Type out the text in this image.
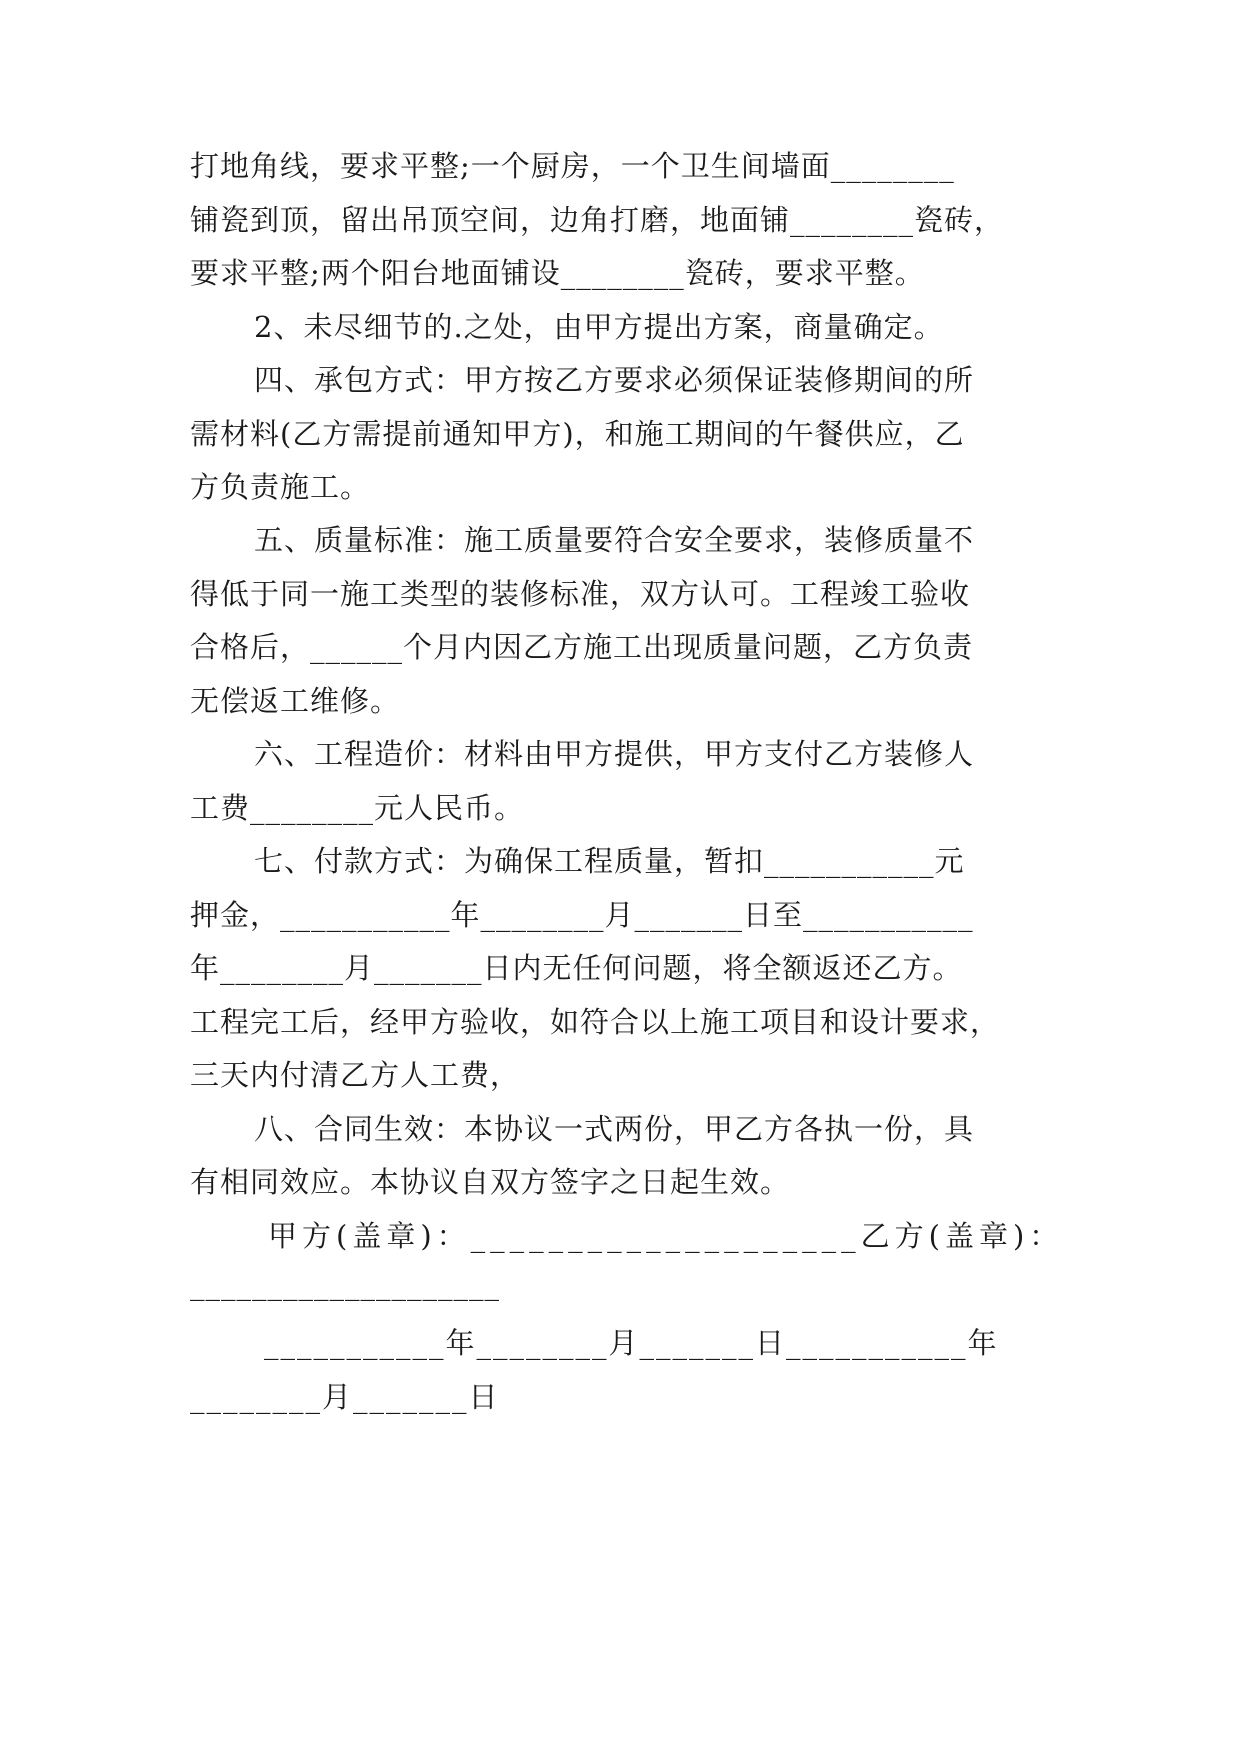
打地角线，要求平整;一个厨房，一个卫生间墙面________
铺瓷到顶，留出吊顶空间，边角打磨，地面铺________瓷砖，
要求平整;两个阳台地面铺设________瓷砖，要求平整。
2、未尽细节的.之处，由甲方提出方案，商量确定。
四、承包方式：甲方按乙方要求必须保证装修期间的所
需材料(乙方需提前通知甲方)，和施工期间的午餐供应，乙
方负责施工。
五、质量标准：施工质量要符合安全要求，装修质量不
得低于同一施工类型的装修标准，双方认可。工程竣工验收
合格后，______个月内因乙方施工出现质量问题，乙方负责
无偿返工维修。
六、工程造价：材料由甲方提供，甲方支付乙方装修人
工费________元人民币。
七、付款方式：为确保工程质量，暂扣___________元
押金，___________年________月_______日至___________
年________月_______日内无任何问题，将全额返还乙方。
工程完工后，经甲方验收，如符合以上施工项目和设计要求，
三天内付清乙方人工费，
八、合同生效：本协议一式两份，甲乙方各执一份，具
有相同效应。本协议自双方签字之日起生效。
甲方(盖章)：____________________乙方(盖章)：
____________________
___________年________月_______日___________年
________月_______日
